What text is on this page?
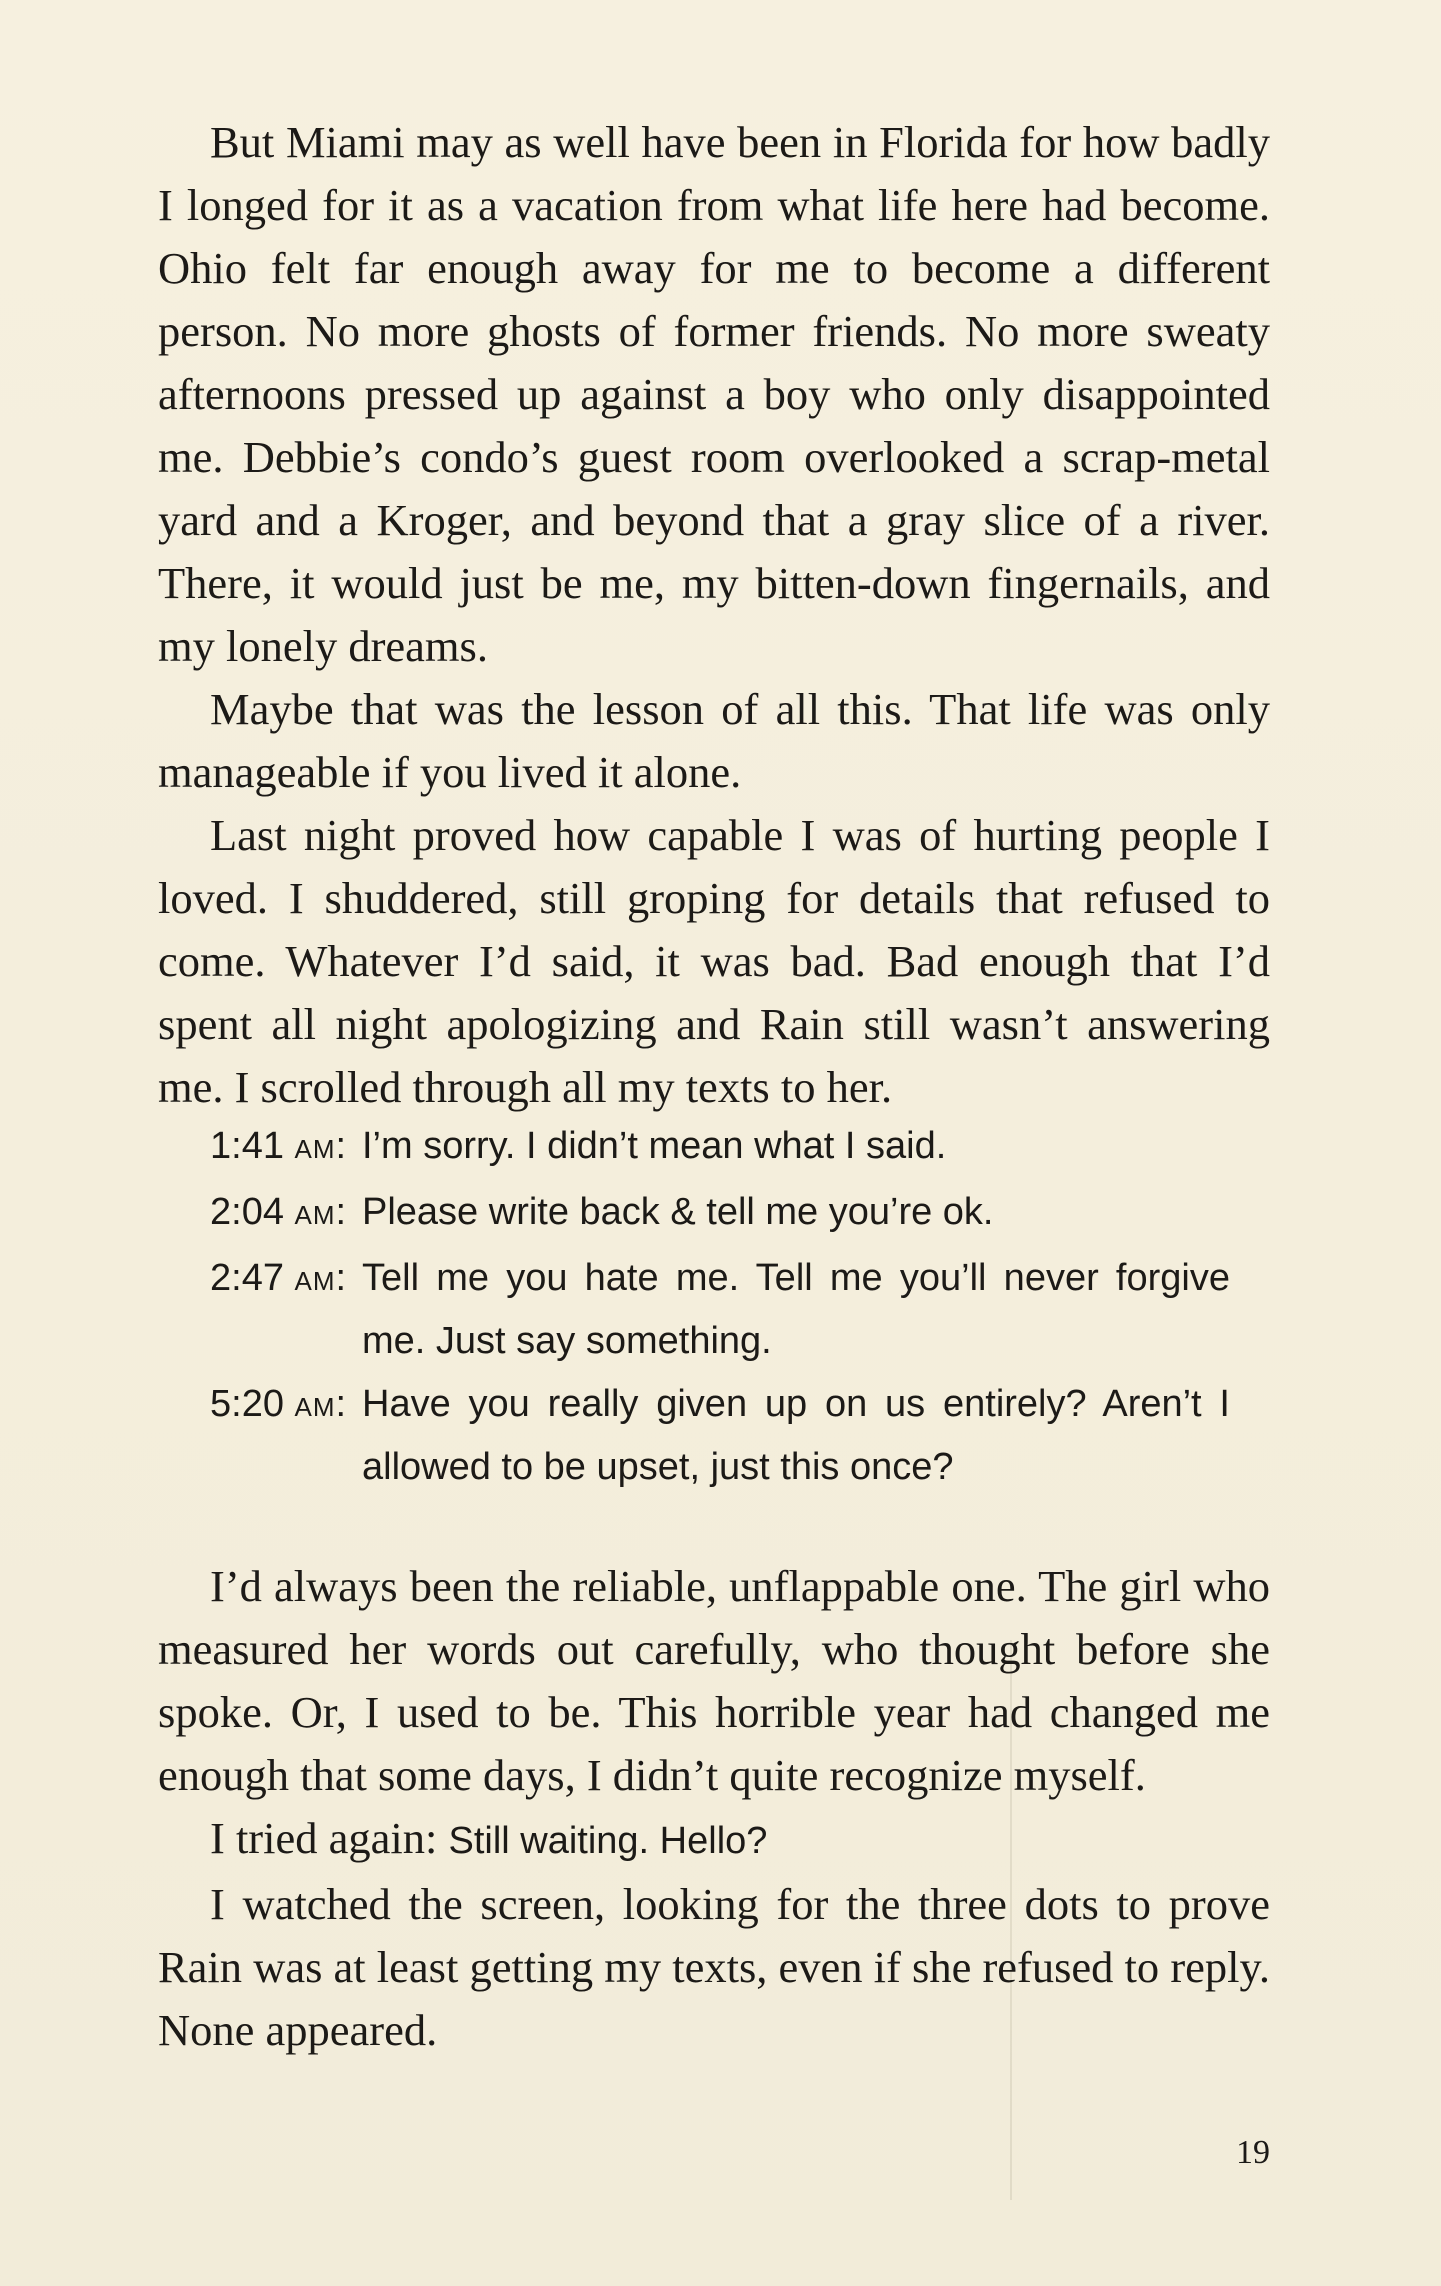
But Miami may as well have been in Florida for how badly I longed for it as a vacation from what life here had become. Ohio felt far enough away for me to become a different person. No more ghosts of former friends. No more sweaty afternoons pressed up against a boy who only disappointed me. Debbie’s condo’s guest room overlooked a scrap-metal yard and a Kroger, and beyond that a gray slice of a river. There, it would just be me, my bitten-down fingernails, and my lonely dreams.

Maybe that was the lesson of all this. That life was only manageable if you lived it alone.

Last night proved how capable I was of hurting people I loved. I shuddered, still groping for details that refused to come. Whatever I’d said, it was bad. Bad enough that I’d spent all night apologizing and Rain still wasn’t answering me. I scrolled through all my texts to her.

1:41 AM: I’m sorry. I didn’t mean what I said.
2:04 AM: Please write back & tell me you’re ok.
2:47 AM: Tell me you hate me. Tell me you’ll never forgive me. Just say something.
5:20 AM: Have you really given up on us entirely? Aren’t I allowed to be upset, just this once?

I’d always been the reliable, unflappable one. The girl who measured her words out carefully, who thought before she spoke. Or, I used to be. This horrible year had changed me enough that some days, I didn’t quite recognize myself.

I tried again: Still waiting. Hello?

I watched the screen, looking for the three dots to prove Rain was at least getting my texts, even if she refused to reply. None appeared.

19
